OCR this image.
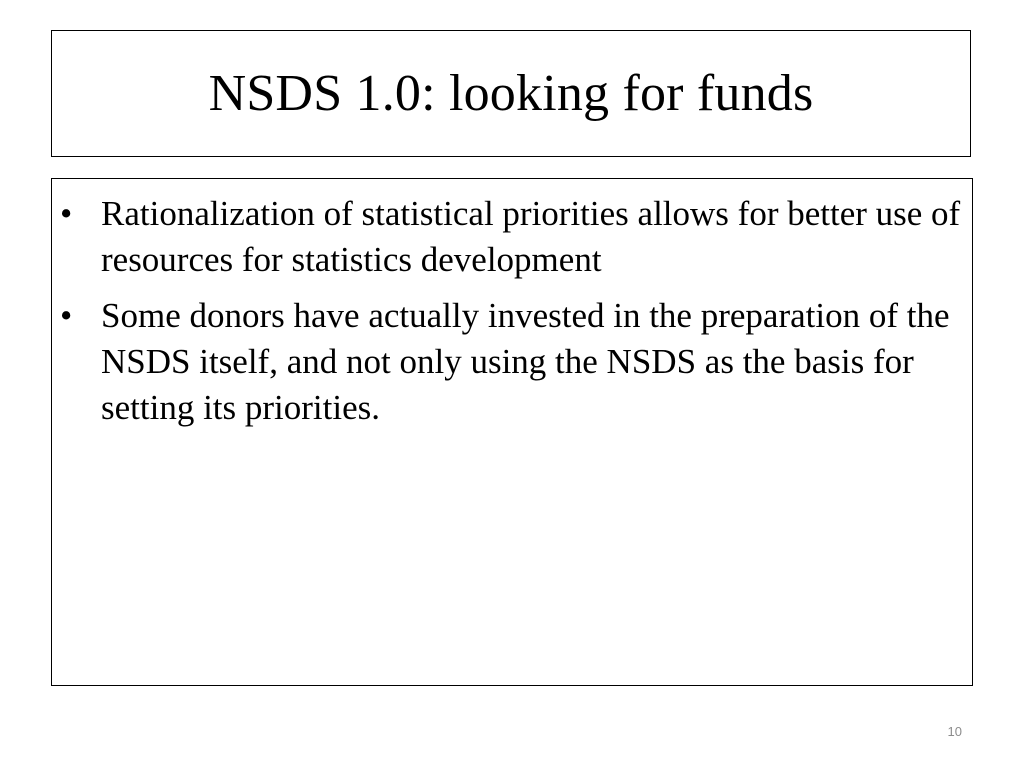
NSDS 1.0: looking for funds
• Rationalization of statistical priorities allows for better use of resources for statistics development
• Some donors have actually invested in the preparation of the NSDS itself, and not only using the NSDS as the basis for setting its priorities.
10
